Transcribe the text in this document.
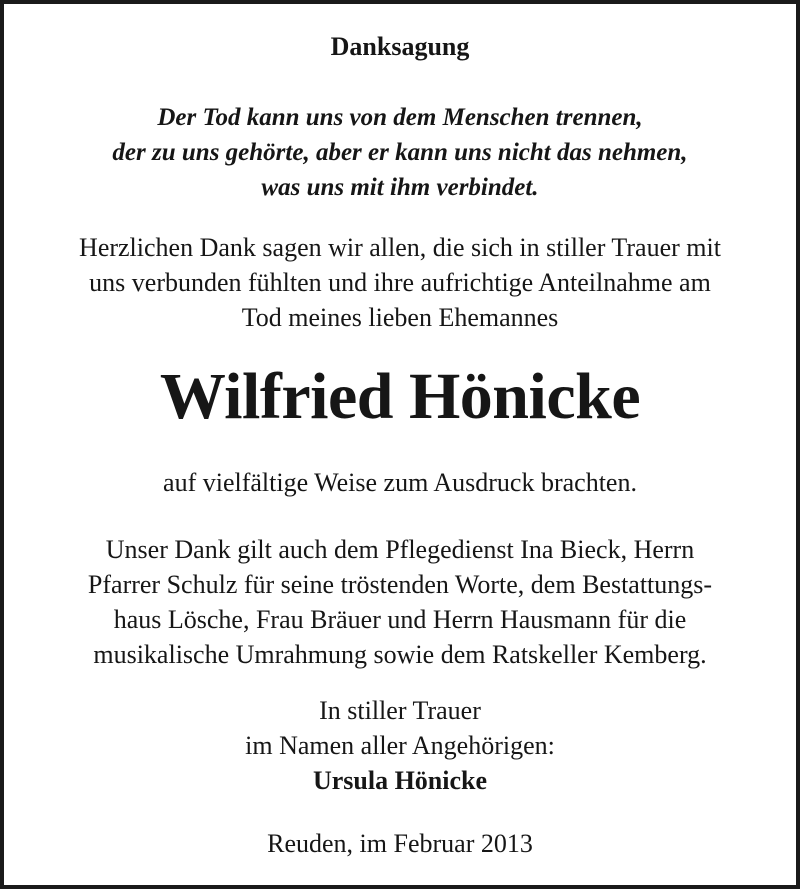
Danksagung
Der Tod kann uns von dem Menschen trennen,
der zu uns gehörte, aber er kann uns nicht das nehmen,
was uns mit ihm verbindet.
Herzlichen Dank sagen wir allen, die sich in stiller Trauer mit
uns verbunden fühlten und ihre aufrichtige Anteilnahme am
Tod meines lieben Ehemannes
Wilfried Hönicke
auf vielfältige Weise zum Ausdruck brachten.
Unser Dank gilt auch dem Pflegedienst Ina Bieck, Herrn
Pfarrer Schulz für seine tröstenden Worte, dem Bestattungs-
haus Lösche, Frau Bräuer und Herrn Hausmann für die
musikalische Umrahmung sowie dem Ratskeller Kemberg.
In stiller Trauer
im Namen aller Angehörigen:
Ursula Hönicke
Reuden, im Februar 2013
